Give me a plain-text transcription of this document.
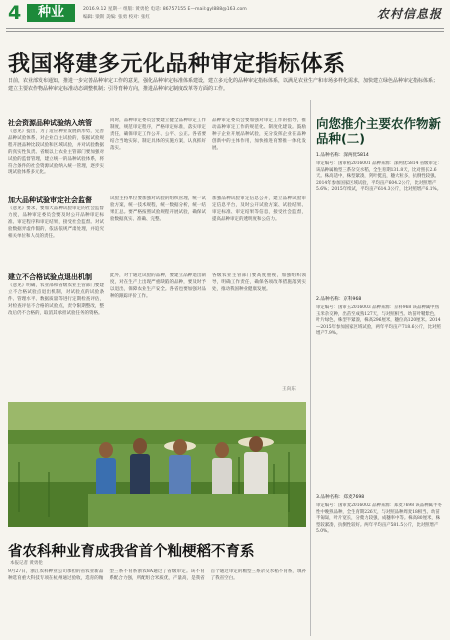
4	种业	2016.9.12 星期一 组版: 黄勇伦 电话: 86757155 E—mail:gyl888@163.com
编辑: 梁斯 美编: 张勇 校对: 张红	农村信息报
我国将建多元化品种审定指标体系
日前，农业部发布通知，推进一步完善品种审定工作的意见，强化品种审定标准体系建设，建立多元化的品种审定指标体系，以满足农业生产和市场多样化需求，加快建立绿色品种审定指标体系；建立主要农作物品种审定标准动态调整机制；引导育种方向，推进品种审定制度改革等方面的工作。
社会资源品种试验纳入统管
《意见》提出，为了适应种业发展新形势，完善品种试验体系，对企业自主试验的，依据试验规程开展品种比较试验和区域试验，并对试验数据的真实性负责。省级以上农业主管部门要加强对试验的监督管理，建立统一的品种试验体系，将符合条件的社会资源试验纳入统一管理，逐步实现试验体系多元化。
同时，品种审定委员会要建立健全品种审定工作制度，规范审定程序，严格审定标准，落实审定责任，确保审定工作公开、公平、公正。各省要结合当地实际，制定具体的实施方案，认真抓好落实。
品种审定委员会要加强对审定工作的指导，推动品种审定工作的规范化、制度化建设。鼓励种子企业开展品种试验，充分发挥企业在品种创新中的主体作用，加快推进育繁推一体化发展。
加大品种试验审定社会监督
《意见》要求，要加大品种试验审定的社会监督力度，品种审定委员会要及时公开品种审定标准、审定程序和审定结果，接受社会监督。对试验数据弄虚作假的，依法依规严肃处理，并追究相关单位和人员的责任。
试验主持单位要加强对试验的组织管理，统一试验方案，统一技术规程，统一数据分析，统一结果汇总。要严格按照试验规程开展试验，确保试验数据真实、准确、完整。
加强品种试验审定信息公开，建立品种试验审定信息平台，及时公开试验方案、试验结果、审定标准、审定结果等信息，接受社会监督，提高品种审定的透明度和公信力。
建立不合格试验点退出机制
《意见》明确，农业部和省级农业主管部门要建立不合格试验点退出机制，对试验点的试验条件、管理水平、数据质量等进行定期检查评估，对检查评估不合格的试验点，责令限期整改，整改后仍不合格的，取消其承担试验任务的资格。
此外，对于通过试验的品种，要建立品种退出制度，对在生产上出现严重缺陷的品种，要及时予以退出，保障农业生产安全。各省也要加强对品种的跟踪评价工作。
各级农业主管部门要高度重视，加强组织领导，明确工作责任，确保各项改革措施落到实处，推动我国种业健康发展。
王向东
向您推介主要农作物新品种(二)
1.品种名称：深两优5814
审定编号：国审稻2016001 品种来源：深两优5814 省级审定：该品种属籼型三系杂交水稻，全生育期131.8天，比对照长2.6天。株高适中，株型紧凑，剑叶挺直，穗大粒多，抗倒性较强。2014年参加国家区域试验，平均亩产604.2公斤，比对照增产5.6%；2015年续试，平均亩产614.3公斤，比对照增产6.1%。
2.品种名称：京科968
审定编号：国审玉2016003 品种来源：京科968 该品种属中熟玉米杂交种，出苗至成熟127天，与对照相当。幼苗叶鞘紫色，叶片绿色，株型半紧凑，株高296厘米，穗位高120厘米。2014—2015年参加国家区域试验，两年平均亩产718.6公斤，比对照增产7.9%。
3.品种名称：郑麦7698
审定编号：国审麦2016002 品种来源：郑麦7698 该品种属半冬性中晚熟品种，全生育期226天，与对照品种周麦18相当。幼苗半匍匐，叶片宽长，分蘖力较强，成穗率中等。株高80厘米，株型较紧凑，抗倒性较好。两年平均亩产581.5公斤，比对照增产5.0%。
省农科种业育成我省首个籼梗稻不育系
本报记者 黄勇伦
9月27日，浙江农科种业公司承担的省农业新品种选育重大科技专项在杭州通过验收，选育的籼型三系不育系浙农8A通过了省级审定。该不育系配合力强，所配组合米质优，产量高，是我省首个通过审定的籼型三系杂交水稻不育系，填补了我省空白。
